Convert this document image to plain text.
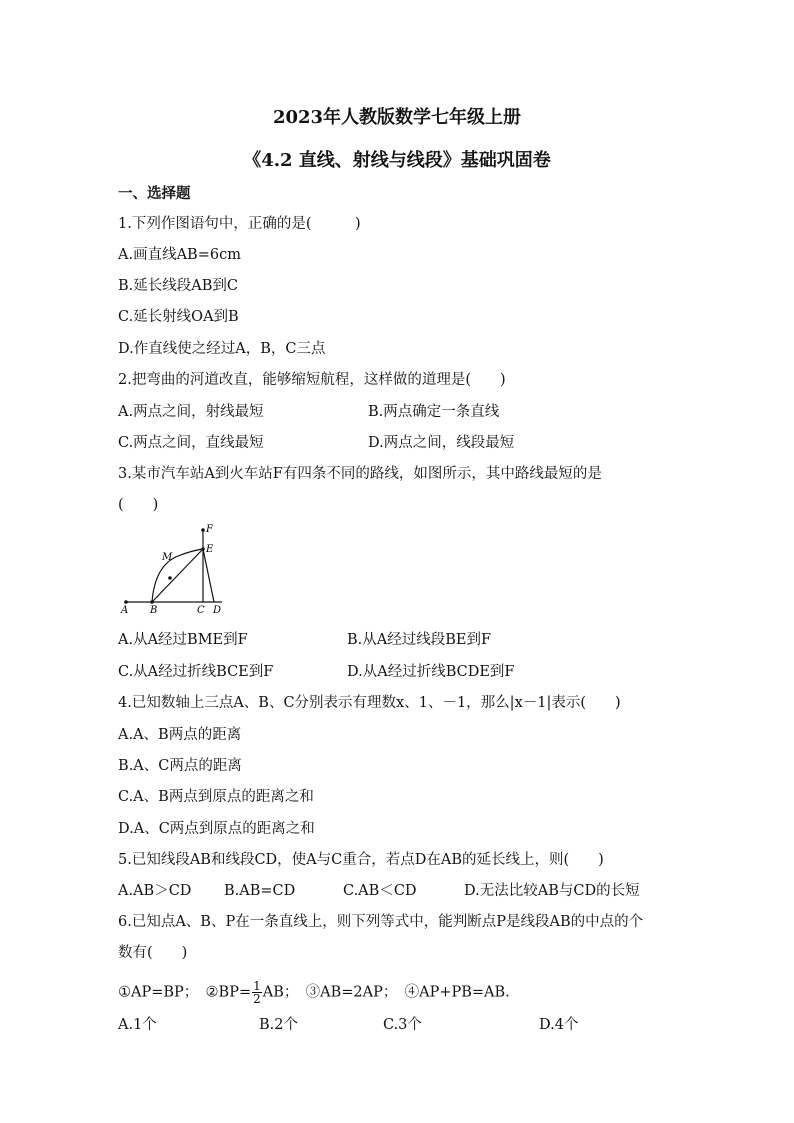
2023年人教版数学七年级上册
《4.2 直线、射线与线段》基础巩固卷
一、选择题
1.下列作图语句中，正确的是(　　　)
A.画直线AB=6cm
B.延长线段AB到C
C.延长射线OA到B
D.作直线使之经过A，B，C三点
2.把弯曲的河道改直，能够缩短航程，这样做的道理是(　　)
A.两点之间，射线最短	B.两点确定一条直线
C.两点之间，直线最短	D.两点之间，线段最短
3.某市汽车站A到火车站F有四条不同的路线，如图所示，其中路线最短的是
(　　)
F
M
E
A B	C D
A.从A经过BME到F	B.从A经过线段BE到F
C.从A经过折线BCE到F	D.从A经过折线BCDE到F
4.已知数轴上三点A、B、C分别表示有理数x、1、－1，那么|x－1|表示(　　)
A.A、B两点的距离
B.A、C两点的距离
C.A、B两点到原点的距离之和
D.A、C两点到原点的距离之和
5.已知线段AB和线段CD，使A与C重合，若点D在AB的延长线上，则(　　)
A.AB＞CD B.AB=CD	C.AB＜CD	D.无法比较AB与CD的长短
6.已知点A、B、P在一条直线上，则下列等式中，能判断点P是线段AB的中点的个
数有(　　)
①AP=BP；　②BP= $\frac{1}{2}$ AB；　③AB=2AP；　④AP+PB=AB.
A.1个	B.2个	C.3个	D.4个
